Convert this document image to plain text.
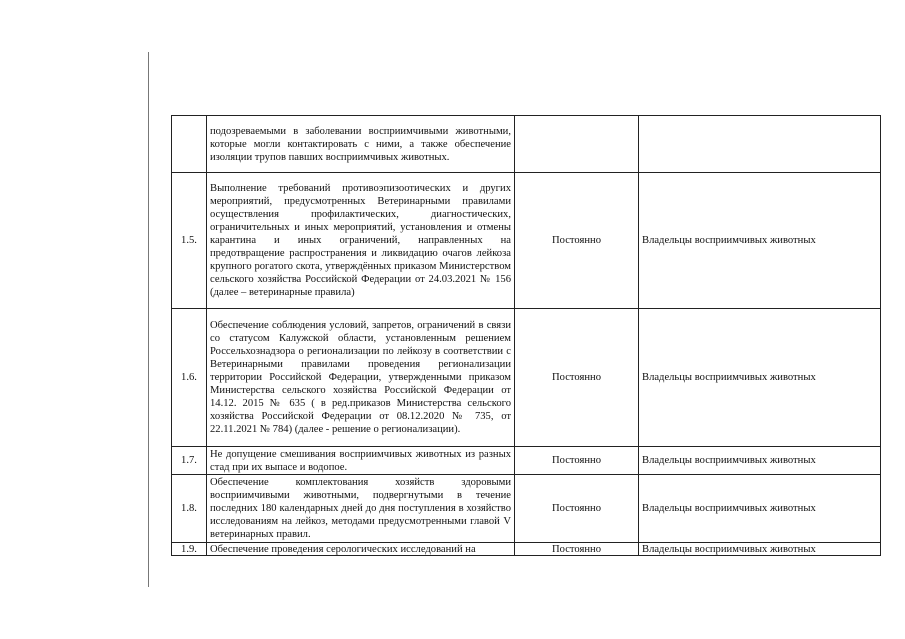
	подозреваемыми в заболевании восприимчивыми животными, которые могли контактировать с ними, а также обеспечение изоляции трупов павших восприимчивых животных.		
1.5.	Выполнение требований противоэпизоотических и других мероприятий, предусмотренных Ветеринарными правилами осуществления профилактических, диагностических, ограничительных и иных мероприятий, установления и отмены карантина и иных ограничений, направленных на предотвращение распространения и ликвидацию очагов лейкоза крупного рогатого скота, утверждённых приказом Министерством сельского хозяйства Российской Федерации от 24.03.2021 № 156 (далее – ветеринарные правила)	Постоянно	Владельцы восприимчивых животных
1.6.	Обеспечение соблюдения условий, запретов, ограничений в связи со статусом Калужской области, установленным решением Россельхознадзора о регионализации по лейкозу в соответствии с Ветеринарными правилами проведения регионализации территории Российской Федерации, утвержденными приказом Министерства сельского хозяйства Российской Федерации от 14.12. 2015 № 635 ( в ред.приказов Министерства сельского хозяйства Российской Федерации от 08.12.2020 № 735, от 22.11.2021 № 784) (далее - решение о регионализации).	Постоянно	Владельцы восприимчивых животных
1.7.	Не допущение смешивания восприимчивых животных из разных стад при их выпасе и водопое.	Постоянно	Владельцы восприимчивых животных
1.8.	Обеспечение комплектования хозяйств здоровыми восприимчивыми животными, подвергнутыми в течение последних 180 календарных дней до дня поступления в хозяйство исследованиям на лейкоз, методами предусмотренными главой V ветеринарных правил.	Постоянно	Владельцы восприимчивых животных

1.9.	Обеспечение проведения серологических исследований на	Постоянно	Владельцы восприимчивых животных
